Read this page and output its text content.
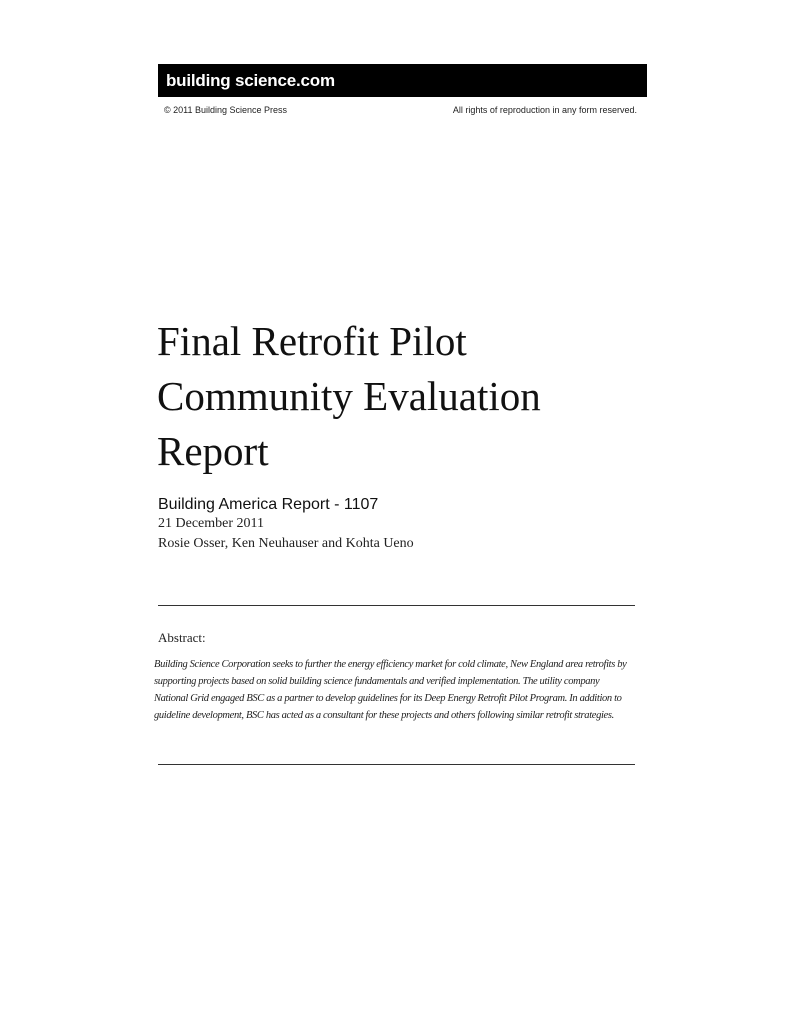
building science.com
© 2011 Building Science Press	All rights of reproduction in any form reserved.
Final Retrofit Pilot
Community Evaluation
Report
Building America Report - 1107
21 December 2011
Rosie Osser, Ken Neuhauser and Kohta Ueno
Abstract:

Building Science Corporation seeks to further the energy efficiency market for cold climate, New England area retrofits by supporting projects based on solid building science fundamentals and verified implementation. The utility company National Grid engaged BSC as a partner to develop guidelines for its Deep Energy Retrofit Pilot Program. In addition to guideline development, BSC has acted as a consultant for these projects and others following similar retrofit strategies.
